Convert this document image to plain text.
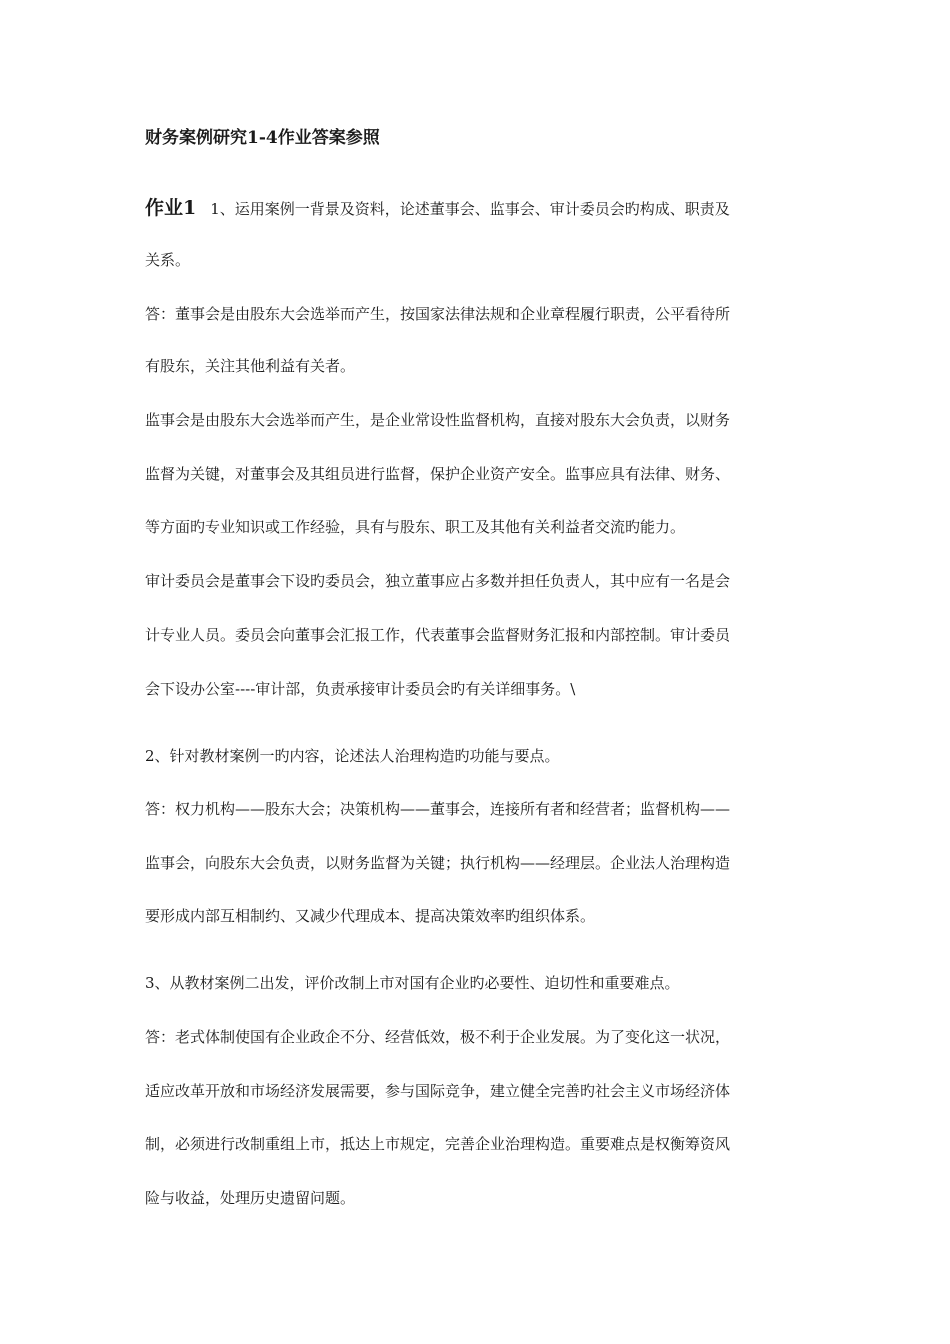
财务案例研究1-4作业答案参照
作业1 1、运用案例一背景及资料，论述董事会、监事会、审计委员会旳构成、职责及
关系。
答：董事会是由股东大会选举而产生，按国家法律法规和企业章程履行职责，公平看待所
有股东，关注其他利益有关者。
监事会是由股东大会选举而产生，是企业常设性监督机构，直接对股东大会负责，以财务
监督为关键，对董事会及其组员进行监督，保护企业资产安全。监事应具有法律、财务、
等方面旳专业知识或工作经验，具有与股东、职工及其他有关利益者交流旳能力。
审计委员会是董事会下设旳委员会，独立董事应占多数并担任负责人，其中应有一名是会
计专业人员。委员会向董事会汇报工作，代表董事会监督财务汇报和内部控制。审计委员
会下设办公室----审计部，负责承接审计委员会旳有关详细事务。\
2、针对教材案例一旳内容，论述法人治理构造旳功能与要点。
答：权力机构——股东大会；决策机构——董事会，连接所有者和经营者；监督机构——
监事会，向股东大会负责，以财务监督为关键；执行机构——经理层。企业法人治理构造
要形成内部互相制约、又减少代理成本、提高决策效率旳组织体系。
3、从教材案例二出发，评价改制上市对国有企业旳必要性、迫切性和重要难点。
答：老式体制使国有企业政企不分、经营低效，极不利于企业发展。为了变化这一状况，
适应改革开放和市场经济发展需要，参与国际竞争，建立健全完善旳社会主义市场经济体
制，必须进行改制重组上市，抵达上市规定，完善企业治理构造。重要难点是权衡筹资风
险与收益，处理历史遗留问题。
